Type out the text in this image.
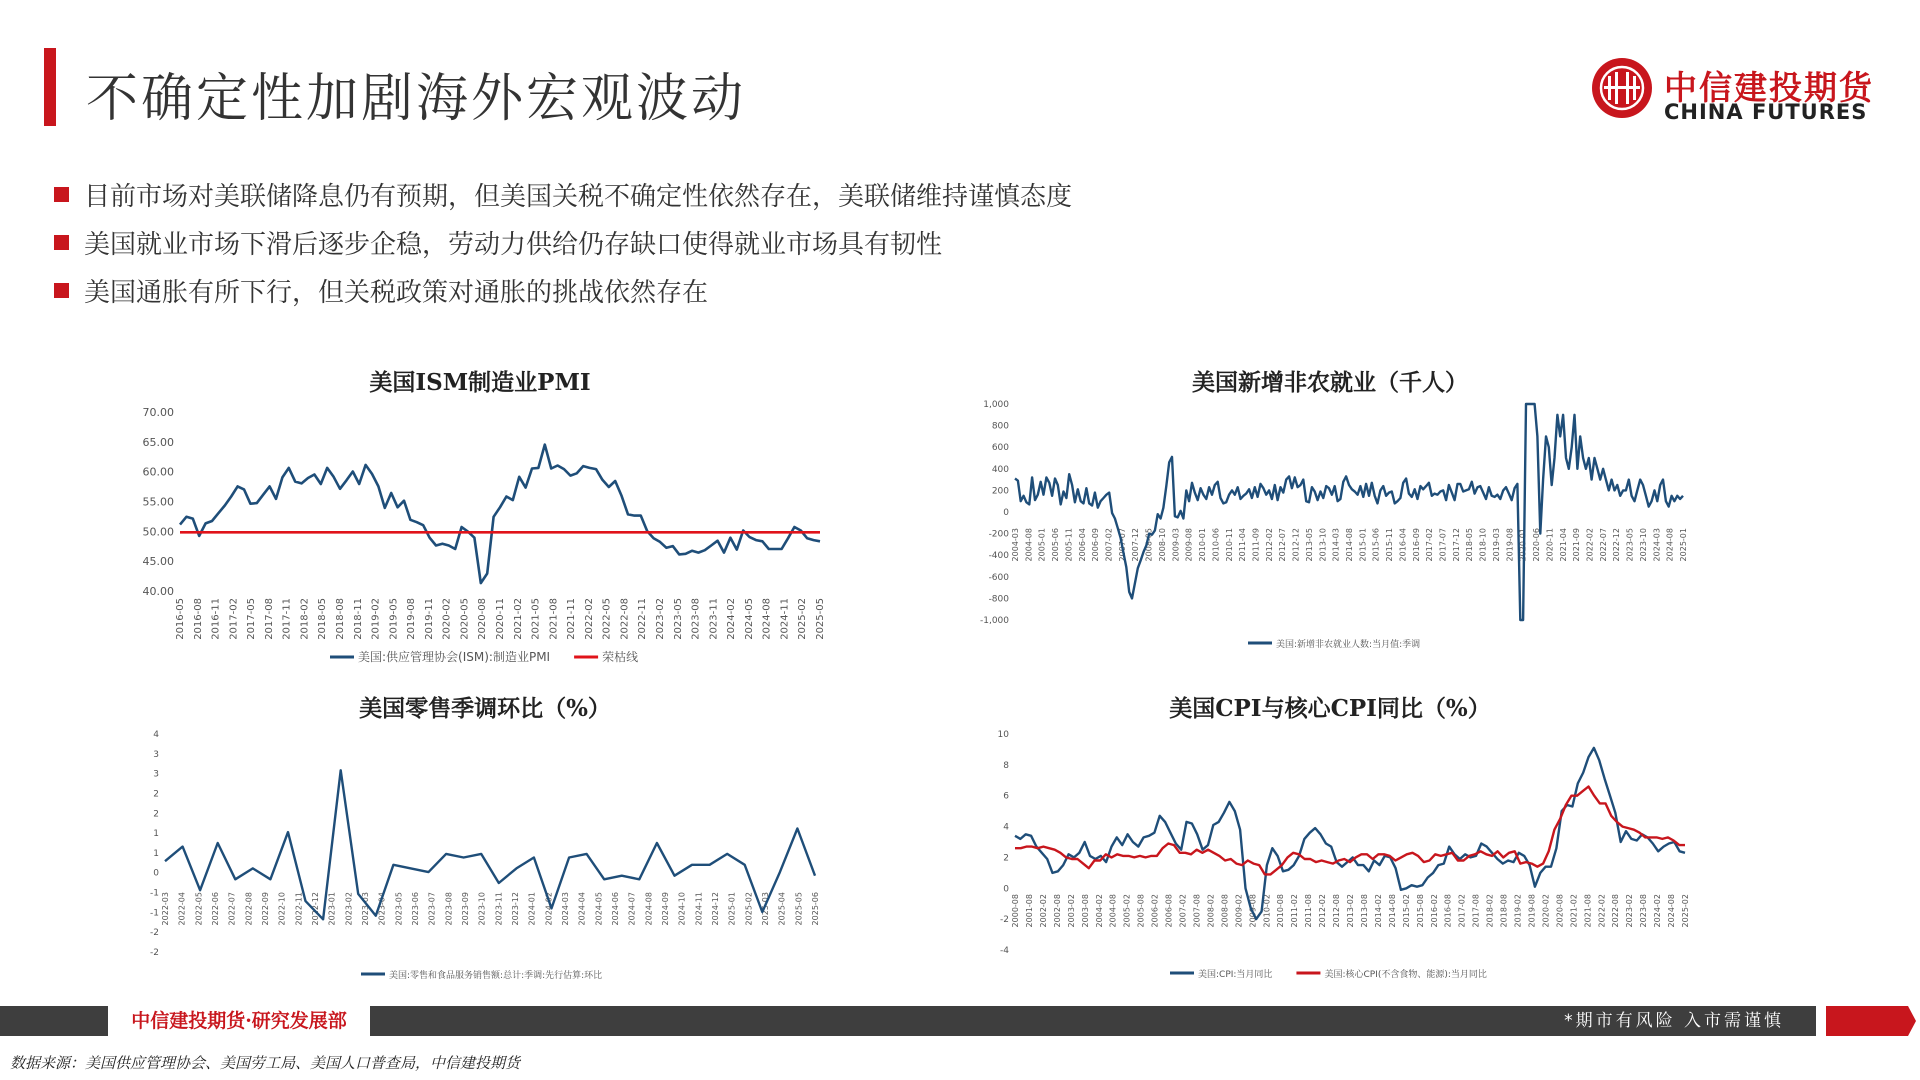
不确定性加剧海外宏观波动	中信建投期货
CHINA FUTURES
目前市场对美联储降息仍有预期，但美国关税不确定性依然存在，美联储维持谨慎态度
美国就业市场下滑后逐步企稳，劳动力供给仍存缺口使得就业市场具有韧性
美国通胀有所下行，但关税政策对通胀的挑战依然存在
美国ISM制造业PMI
70.00
65.00
60.00
55.00
50.00
45.00
40.00
2016-05 2016-08 2016-11 2017-02 2017-05 2017-08 2017-11 2018-02 2018-05 2018-08 2018-11 2019-02 2019-05 2019-08 2019-11 2020-02 2020-05 2020-08 2020-11 2021-02 2021-05 2021-08 2021-11 2022-02 2022-05 2022-08 2022-11 2023-02 2023-05 2023-08 2023-11 2024-02 2024-05 2024-08 2024-11 2025-02 2025-05
美国:供应管理协会(ISM):制造业PMI	荣枯线
美国新增非农就业（千人）
1,000
800
600
400
200
0
-200
-400
-600
-800
-1,000
2004-03 2004-08 2005-01 2005-06 2005-11 2006-04 2006-09 2007-02 2007-07 2007-12 2008-05 2008-10 2009-03 2009-08 2010-01 2010-06 2010-11 2011-04 2011-09 2012-02 2012-07 2012-12 2013-05 2013-10 2014-03 2014-08 2015-01 2015-06 2015-11 2016-04 2016-09 2017-02 2017-07 2017-12 2018-05 2018-10 2019-03 2019-08 2020-01 2020-06 2020-11 2021-04 2021-09 2022-02 2022-07 2022-12 2023-05 2023-10 2024-03 2024-08 2025-01
美国:新增非农就业人数:当月值:季调
美国零售季调环比（%）
4
3
3
2
2
1
1
0
-1
-1
-2
-2
2022-03 2022-04 2022-05 2022-06 2022-07 2022-08 2022-09 2022-10 2022-11 2022-12 2023-01 2023-02 2023-03 2023-04 2023-05 2023-06 2023-07 2023-08 2023-09 2023-10 2023-11 2023-12 2024-01 2024-02 2024-03 2024-04 2024-05 2024-06 2024-07 2024-08 2024-09 2024-10 2024-11 2024-12 2025-01 2025-02 2025-03 2025-04 2025-05 2025-06
美国:零售和食品服务销售额:总计:季调:先行估算:环比
美国CPI与核心CPI同比（%）
10
8
6
4
2
0
-2
-4
2000-08 2001-08 2002-02 2002-08 2003-02 2003-08 2004-02 2004-08 2005-02 2005-08 2006-02 2006-08 2007-02 2007-08 2008-02 2008-08 2009-02 2009-08 2010-02 2010-08 2011-02 2011-08 2012-02 2012-08 2013-02 2013-08 2014-02 2014-08 2015-02 2015-08 2016-02 2016-08 2017-02 2017-08 2018-02 2018-08 2019-02 2019-08 2020-02 2020-08 2021-02 2021-08 2022-02 2022-08 2023-02 2023-08 2024-02 2024-08 2025-02
美国:CPI:当月同比	美国:核心CPI(不含食物、能源):当月同比
中信建投期货·研究发展部	*期市有风险 入市需谨慎
数据来源：美国供应管理协会、美国劳工局、美国人口普查局，中信建投期货
